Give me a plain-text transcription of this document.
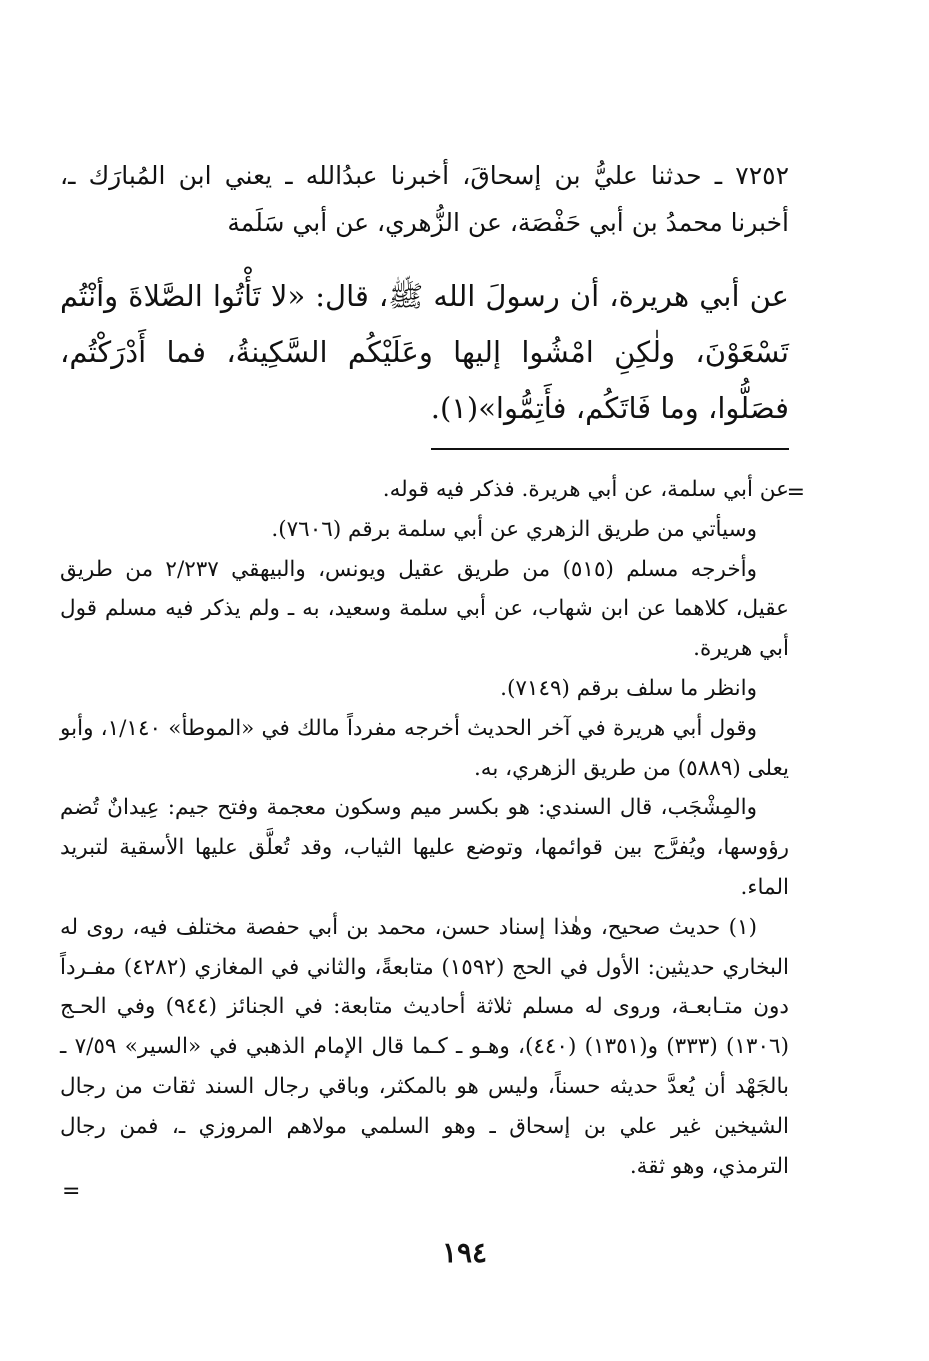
٧٢٥٢ ـ حدثنا عليُّ بن إسحاقَ، أخبرنا عبدُالله ـ يعني ابن المُبارَك ـ، أخبرنا محمدُ بن أبي حَفْصَة، عن الزُّهري، عن أبي سَلَمة
عن أبي هريرة، أن رسولَ الله ﷺ، قال: «لا تَأْتُوا الصَّلاةَ وأنْتُم تَسْعَوْنَ، ولٰكِنِ امْشُوا إليها وعَلَيْكُم السَّكِينةُ، فما أَدْرَكْتُم، فصَلُّوا، وما فَاتَكُم، فأَتِمُّوا»(١).

عن أبي سلمة، عن أبي هريرة. فذكر فيه قوله.

وسيأتي من طريق الزهري عن أبي سلمة برقم (٧٦٠٦).

وأخرجه مسلم (٥١٥) من طريق عقيل ويونس، والبيهقي ٢/٢٣٧ من طريق عقيل، كلاهما عن ابن شهاب، عن أبي سلمة وسعيد، به ـ ولم يذكر فيه مسلم قول أبي هريرة.

وانظر ما سلف برقم (٧١٤٩).

وقول أبي هريرة في آخر الحديث أخرجه مفرداً مالك في «الموطأ» ١/١٤٠، وأبو يعلى (٥٨٨٩) من طريق الزهري، به.

والمِشْجَب، قال السندي: هو بكسر ميم وسكون معجمة وفتح جيم: عِيدانٌ تُضم رؤوسها، ويُفرَّج بين قوائمها، وتوضع عليها الثياب، وقد تُعلَّق عليها الأسقية لتبريد الماء.

(١) حديث صحيح، وهٰذا إسناد حسن، محمد بن أبي حفصة مختلف فيه، روى له البخاري حديثين: الأول في الحج (١٥٩٢) متابعةً، والثاني في المغازي (٤٢٨٢) مفـرداً دون متـابعـة، وروى له مسلم ثلاثة أحاديث متابعة: في الجنائز (٩٤٤) وفي الحـج (١٣٠٦) (٣٣٣) و(١٣٥١) (٤٤٠)، وهـو ـ كـما قال الإمام الذهبي في «السير» ٧/٥٩ ـ بالجَهْد أن يُعدَّ حديثه حسناً، وليس هو بالمكثر، وباقي رجال السند ثقات من رجال الشيخين غير علي بن إسحاق ـ وهو السلمي مولاهم المروزي ـ، فمن رجال الترمذي، وهو ثقة.

=
=
١٩٤
